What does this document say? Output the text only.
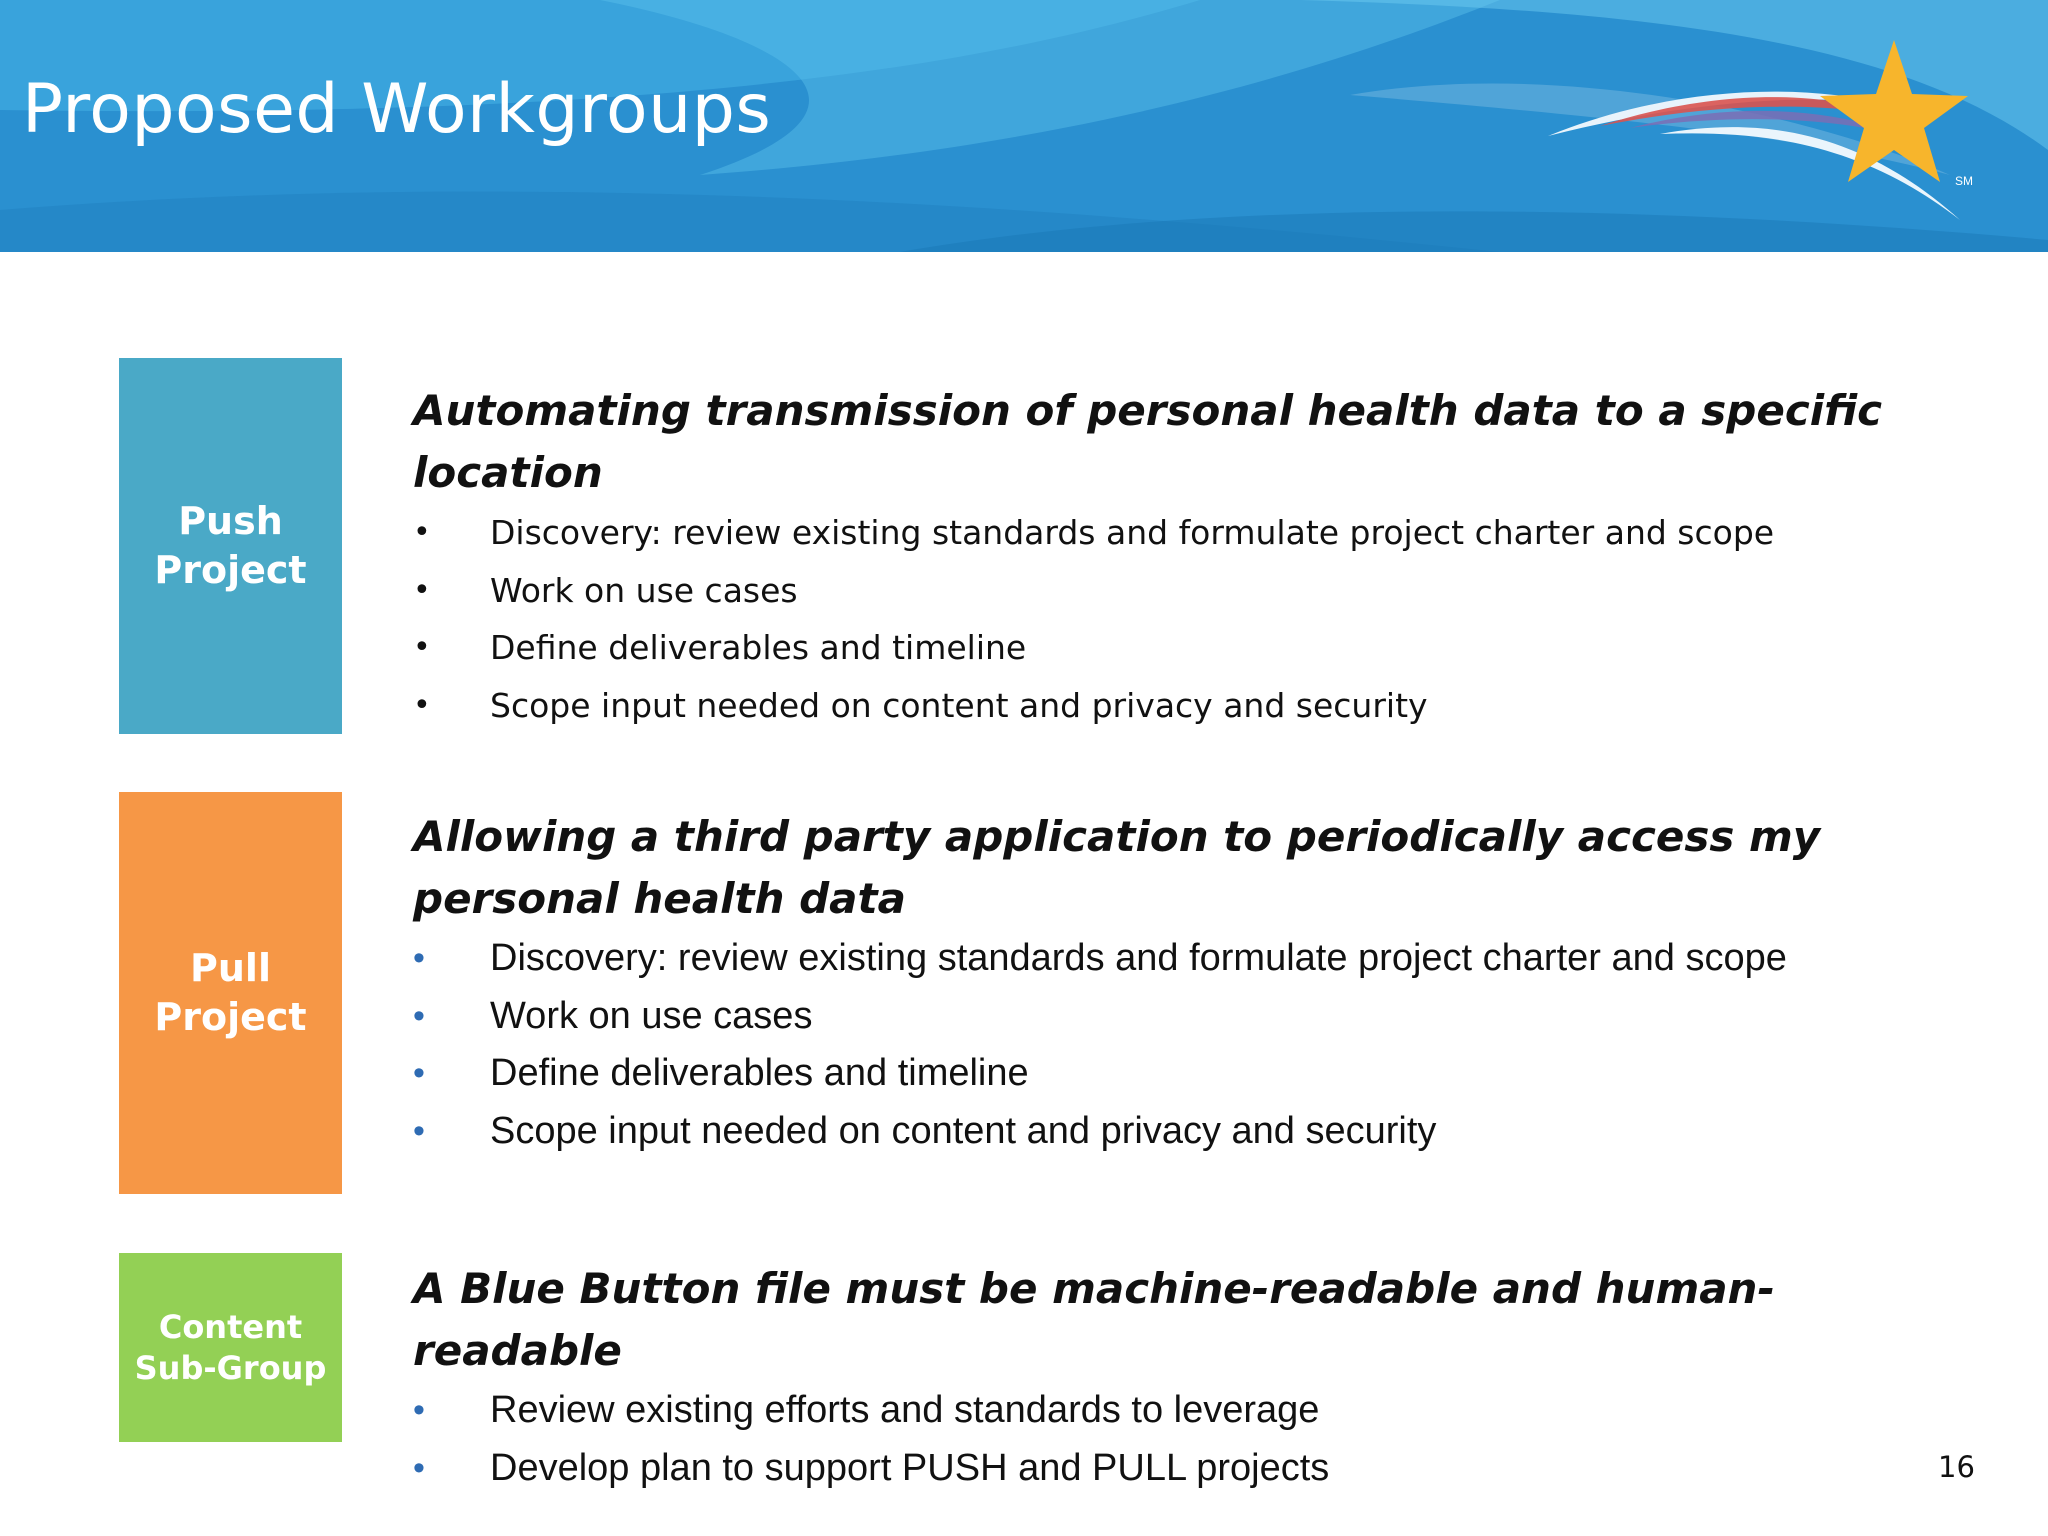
Proposed Workgroups
SM
Push
Project

Automating transmission of personal health data to a specific location

• Discovery: review existing standards and formulate project charter and scope
• Work on use cases
• Define deliverables and timeline
• Scope input needed on content and privacy and security
Pull
Project

Allowing a third party application to periodically access my personal health data

• Discovery: review existing standards and formulate project charter and scope
• Work on use cases
• Define deliverables and timeline
• Scope input needed on content and privacy and security
Content
Sub-Group

A Blue Button file must be machine-readable and human-readable

• Review existing efforts and standards to leverage
• Develop plan to support PUSH and PULL projects	16
